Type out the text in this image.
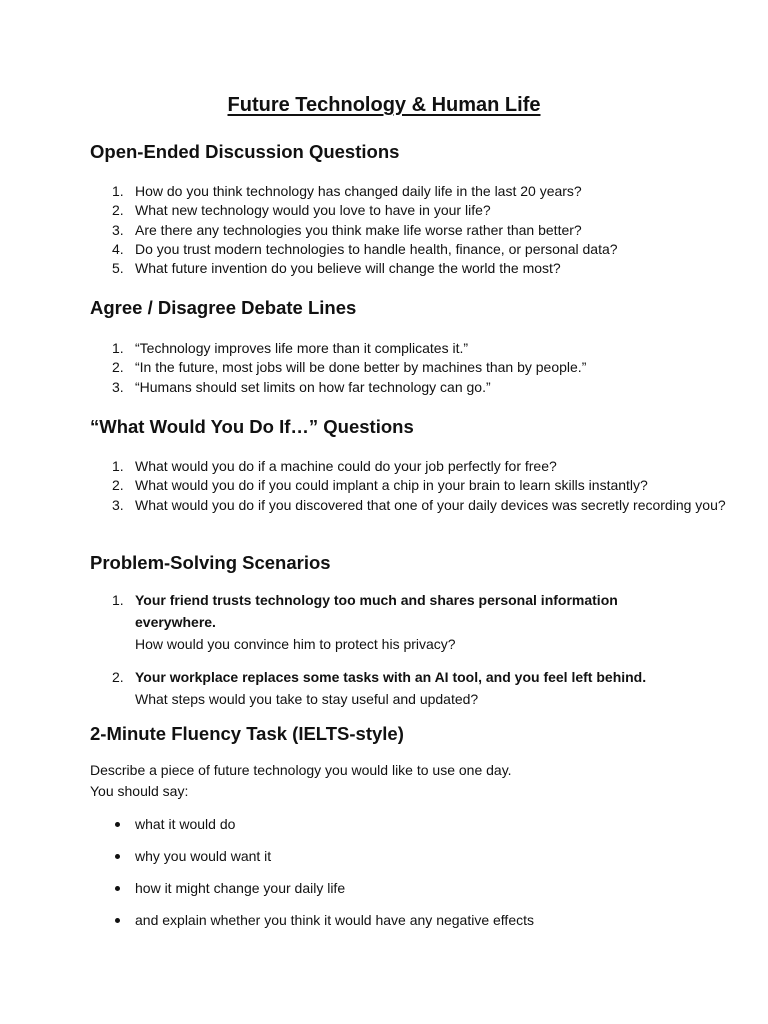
Future Technology & Human Life
Open-Ended Discussion Questions
1. How do you think technology has changed daily life in the last 20 years?
2. What new technology would you love to have in your life?
3. Are there any technologies you think make life worse rather than better?
4. Do you trust modern technologies to handle health, finance, or personal data?
5. What future invention do you believe will change the world the most?
Agree / Disagree Debate Lines
1. “Technology improves life more than it complicates it.”
2. “In the future, most jobs will be done better by machines than by people.”
3. “Humans should set limits on how far technology can go.”
“What Would You Do If…” Questions
1. What would you do if a machine could do your job perfectly for free?
2. What would you do if you could implant a chip in your brain to learn skills instantly?
3. What would you do if you discovered that one of your daily devices was secretly recording you?
Problem-Solving Scenarios
1. Your friend trusts technology too much and shares personal information everywhere.
How would you convince him to protect his privacy?
2. Your workplace replaces some tasks with an AI tool, and you feel left behind.
What steps would you take to stay useful and updated?
2-Minute Fluency Task (IELTS-style)

Describe a piece of future technology you would like to use one day.

You should say:

what it would do
why you would want it
how it might change your daily life
and explain whether you think it would have any negative effects
